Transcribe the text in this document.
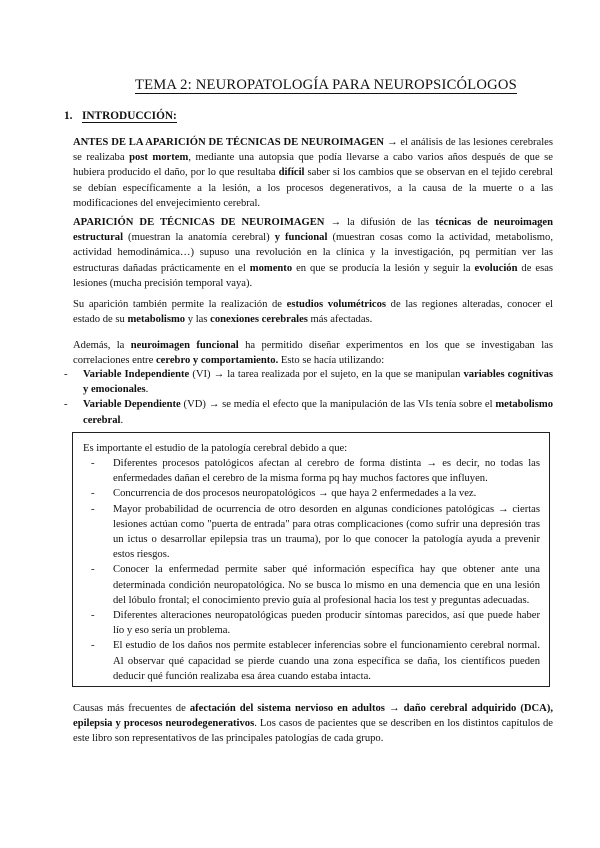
TEMA 2: NEUROPATOLOGÍA PARA NEUROPSICÓLOGOS
1. INTRODUCCIÓN:
ANTES DE LA APARICIÓN DE TÉCNICAS DE NEUROIMAGEN → el análisis de las lesiones cerebrales se realizaba post mortem, mediante una autopsia que podía llevarse a cabo varios años después de que se hubiera producido el daño, por lo que resultaba difícil saber si los cambios que se observan en el tejido cerebral se debían específicamente a la lesión, a los procesos degenerativos, a la causa de la muerte o a las modificaciones del envejecimiento cerebral.
APARICIÓN DE TÉCNICAS DE NEUROIMAGEN → la difusión de las técnicas de neuroimagen estructural (muestran la anatomía cerebral) y funcional (muestran cosas como la actividad, metabolismo, actividad hemodinámica…) supuso una revolución en la clínica y la investigación, pq permitían ver las estructuras dañadas prácticamente en el momento en que se producía la lesión y seguir la evolución de esas lesiones (mucha precisión temporal vaya).
Su aparición también permite la realización de estudios volumétricos de las regiones alteradas, conocer el estado de su metabolismo y las conexiones cerebrales más afectadas.
Además, la neuroimagen funcional ha permitido diseñar experimentos en los que se investigaban las correlaciones entre cerebro y comportamiento. Esto se hacía utilizando:
- Variable Independiente (VI) → la tarea realizada por el sujeto, en la que se manipulan variables cognitivas y emocionales.
- Variable Dependiente (VD) → se medía el efecto que la manipulación de las VIs tenía sobre el metabolismo cerebral.
Es importante el estudio de la patología cerebral debido a que:
- Diferentes procesos patológicos afectan al cerebro de forma distinta → es decir, no todas las enfermedades dañan el cerebro de la misma forma pq hay muchos factores que influyen.
- Concurrencia de dos procesos neuropatológicos → que haya 2 enfermedades a la vez.
- Mayor probabilidad de ocurrencia de otro desorden en algunas condiciones patológicas → ciertas lesiones actúan como "puerta de entrada" para otras complicaciones (como sufrir una depresión tras un ictus o desarrollar epilepsia tras un trauma), por lo que conocer la patología ayuda a prevenir estos riesgos.
- Conocer la enfermedad permite saber qué información específica hay que obtener ante una determinada condición neuropatológica. No se busca lo mismo en una demencia que en una lesión del lóbulo frontal; el conocimiento previo guía al profesional hacia los test y preguntas adecuadas.
- Diferentes alteraciones neuropatológicas pueden producir síntomas parecidos, así que puede haber lío y eso sería un problema.
- El estudio de los daños nos permite establecer inferencias sobre el funcionamiento cerebral normal. Al observar qué capacidad se pierde cuando una zona específica se daña, los científicos pueden deducir qué función realizaba esa área cuando estaba intacta.
Causas más frecuentes de afectación del sistema nervioso en adultos → daño cerebral adquirido (DCA), epilepsia y procesos neurodegenerativos. Los casos de pacientes que se describen en los distintos capítulos de este libro son representativos de las principales patologías de cada grupo.
